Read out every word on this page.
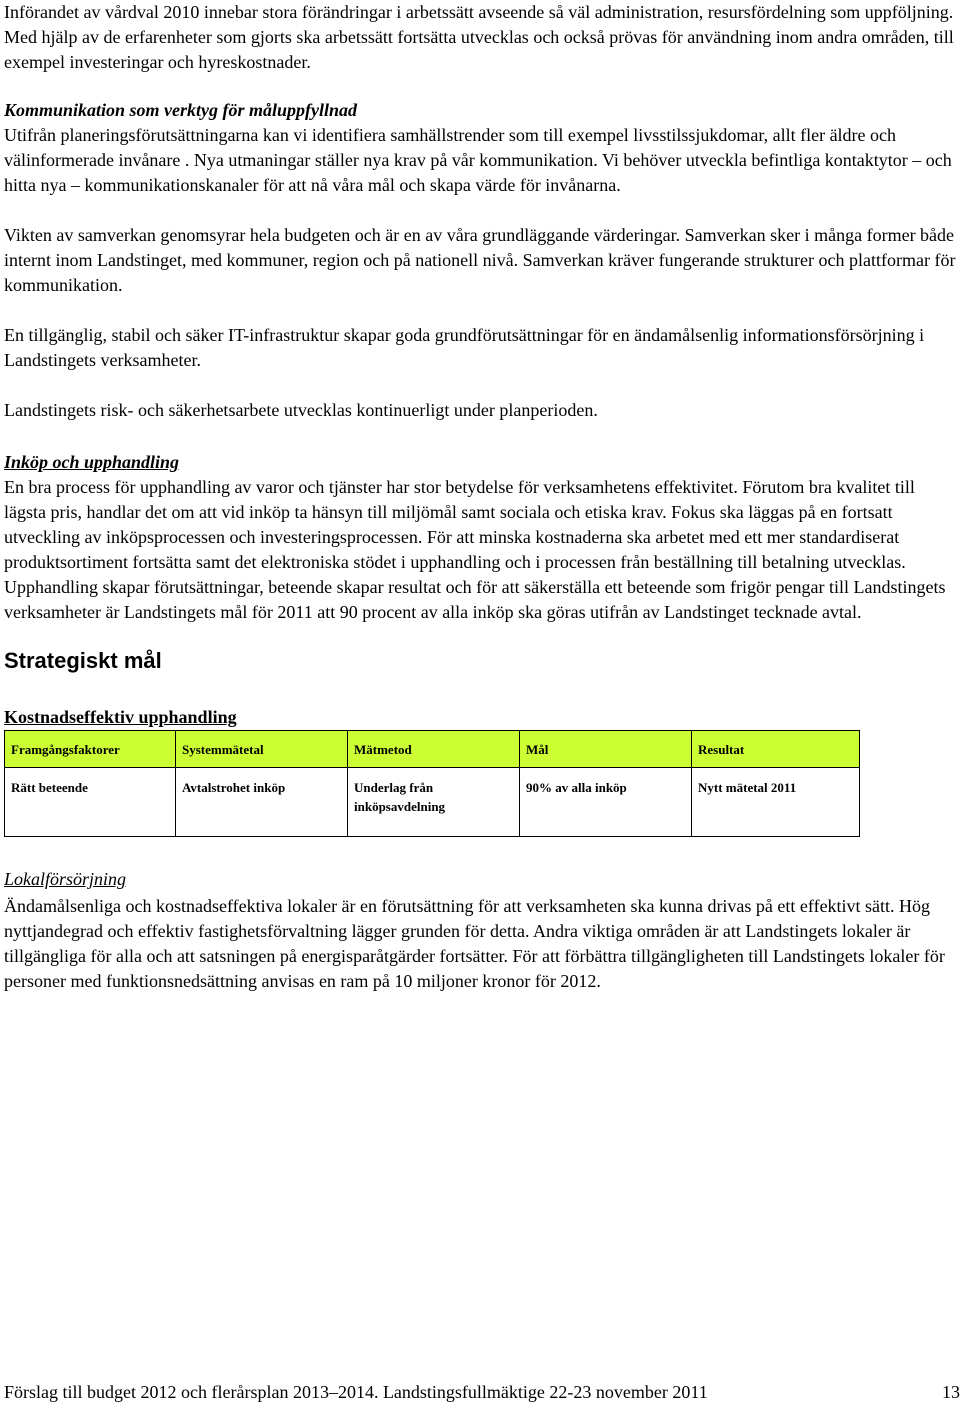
Införandet av vårdval 2010 innebar stora förändringar i arbetssätt avseende så väl administration, resursfördelning som uppföljning. Med hjälp av de erfarenheter som gjorts ska arbetssätt fortsätta utvecklas och också prövas för användning inom andra områden, till exempel investeringar och hyreskostnader.

Kommunikation som verktyg för måluppfyllnad

Utifrån planeringsförutsättningarna kan vi identifiera samhällstrender som till exempel livsstilssjukdomar, allt fler äldre och välinformerade invånare . Nya utmaningar ställer nya krav på vår kommunikation. Vi behöver utveckla befintliga kontaktytor – och hitta nya – kommunikationskanaler för att nå våra mål och skapa värde för invånarna.

Vikten av samverkan genomsyrar hela budgeten och är en av våra grundläggande värderingar. Samverkan sker i många former både internt inom Landstinget, med kommuner, region och på nationell nivå. Samverkan kräver fungerande strukturer och plattformar för kommunikation.

En tillgänglig, stabil och säker IT-infrastruktur skapar goda grundförutsättningar för en ändamålsenlig informationsförsörjning i Landstingets verksamheter.

Landstingets risk- och säkerhetsarbete utvecklas kontinuerligt under planperioden.

Inköp och upphandling

En bra process för upphandling av varor och tjänster har stor betydelse för verksamhetens effektivitet. Förutom bra kvalitet till lägsta pris, handlar det om att vid inköp ta hänsyn till miljömål samt sociala och etiska krav. Fokus ska läggas på en fortsatt utveckling av inköpsprocessen och investeringsprocessen. För att minska kostnaderna ska arbetet med ett mer standardiserat produktsortiment fortsätta samt det elektroniska stödet i upphandling och i processen från beställning till betalning utvecklas.

Upphandling skapar förutsättningar, beteende skapar resultat och för att säkerställa ett beteende som frigör pengar till Landstingets verksamheter är Landstingets mål för 2011 att 90 procent av alla inköp ska göras utifrån av Landstinget tecknade avtal.

Strategiskt mål

Kostnadseffektiv upphandling

Framgångsfaktorer	Systemmätetal	Mätmetod	Mål	Resultat
Rätt beteende	Avtalstrohet inköp	Underlag från inköpsavdelning	90% av alla inköp	Nytt mätetal 2011

Lokalförsörjning

Ändamålsenliga och kostnadseffektiva lokaler är en förutsättning för att verksamheten ska kunna drivas på ett effektivt sätt. Hög nyttjandegrad och effektiv fastighetsförvaltning lägger grunden för detta. Andra viktiga områden är att Landstingets lokaler är tillgängliga för alla och att satsningen på energisparåtgärder fortsätter. För att förbättra tillgängligheten till Landstingets lokaler för personer med funktionsnedsättning anvisas en ram på 10 miljoner kronor för 2012.

Förslag till budget 2012 och flerårsplan 2013–2014. Landstingsfullmäktige 22-23 november 2011	13
